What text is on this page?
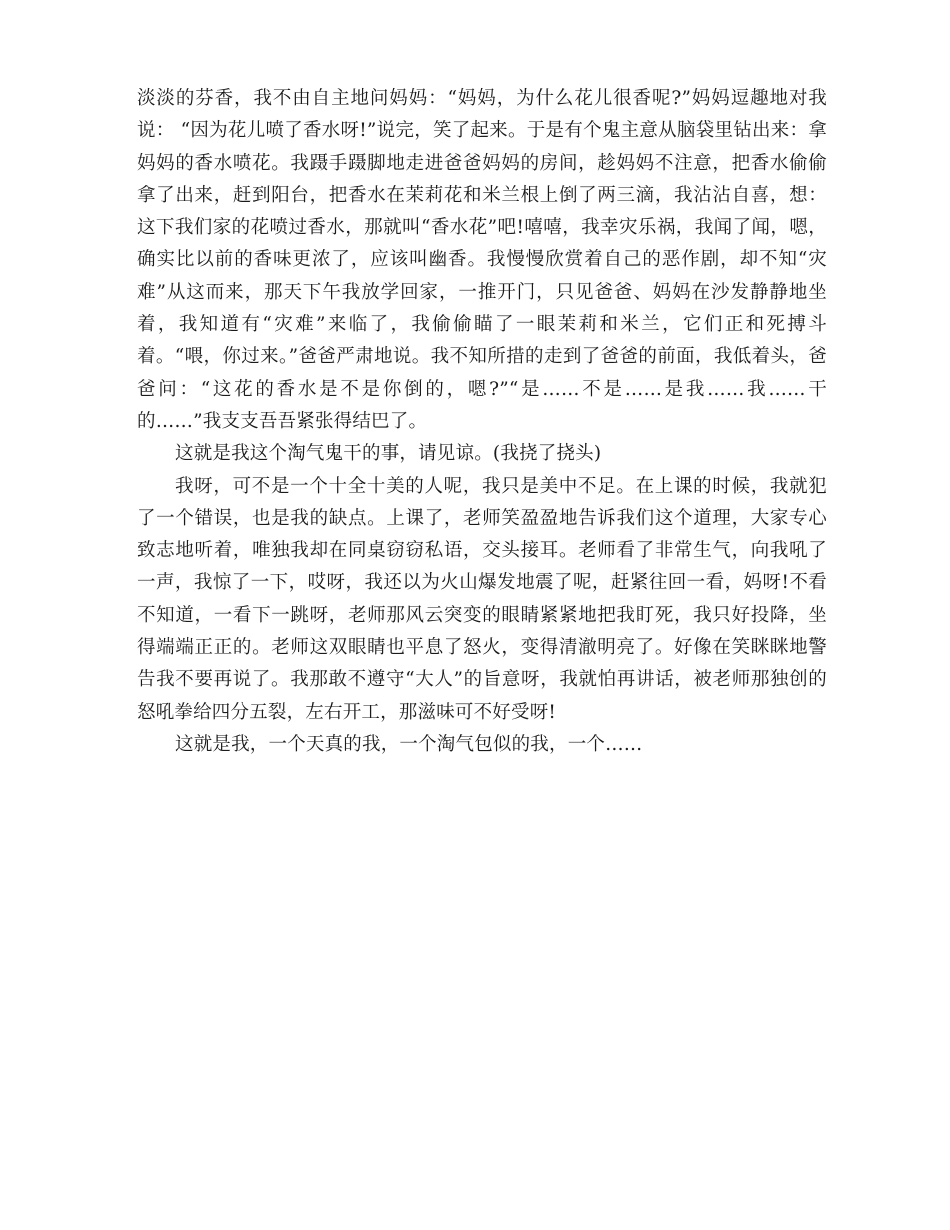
淡淡的芬香，我不由自主地问妈妈：“妈妈，为什么花儿很香呢?”妈妈逗趣地对我说： “因为花儿喷了香水呀!”说完，笑了起来。于是有个鬼主意从脑袋里钻出来：拿妈妈的香水喷花。我蹑手蹑脚地走进爸爸妈妈的房间，趁妈妈不注意，把香水偷偷拿了出来，赶到阳台，把香水在茉莉花和米兰根上倒了两三滴，我沾沾自喜，想：这下我们家的花喷过香水，那就叫“香水花”吧!嘻嘻，我幸灾乐祸，我闻了闻，嗯，确实比以前的香味更浓了，应该叫幽香。我慢慢欣赏着自己的恶作剧，却不知“灾难”从这而来，那天下午我放学回家，一推开门，只见爸爸、妈妈在沙发静静地坐着，我知道有“灾难”来临了，我偷偷瞄了一眼茉莉和米兰，它们正和死搏斗着。“喂，你过来。”爸爸严肃地说。我不知所措的走到了爸爸的前面，我低着头，爸爸问：“这花的香水是不是你倒的，嗯?”“是……不是……是我……我……干的……”我支支吾吾紧张得结巴了。

这就是我这个淘气鬼干的事，请见谅。(我挠了挠头)

我呀，可不是一个十全十美的人呢，我只是美中不足。在上课的时候，我就犯了一个错误，也是我的缺点。上课了，老师笑盈盈地告诉我们这个道理，大家专心致志地听着，唯独我却在同桌窃窃私语，交头接耳。老师看了非常生气，向我吼了一声，我惊了一下，哎呀，我还以为火山爆发地震了呢，赶紧往回一看，妈呀!不看不知道，一看下一跳呀，老师那风云突变的眼睛紧紧地把我盯死，我只好投降，坐得端端正正的。老师这双眼睛也平息了怒火，变得清澈明亮了。好像在笑眯眯地警告我不要再说了。我那敢不遵守“大人”的旨意呀，我就怕再讲话，被老师那独创的怒吼拳给四分五裂，左右开工，那滋味可不好受呀!

这就是我，一个天真的我，一个淘气包似的我，一个……
